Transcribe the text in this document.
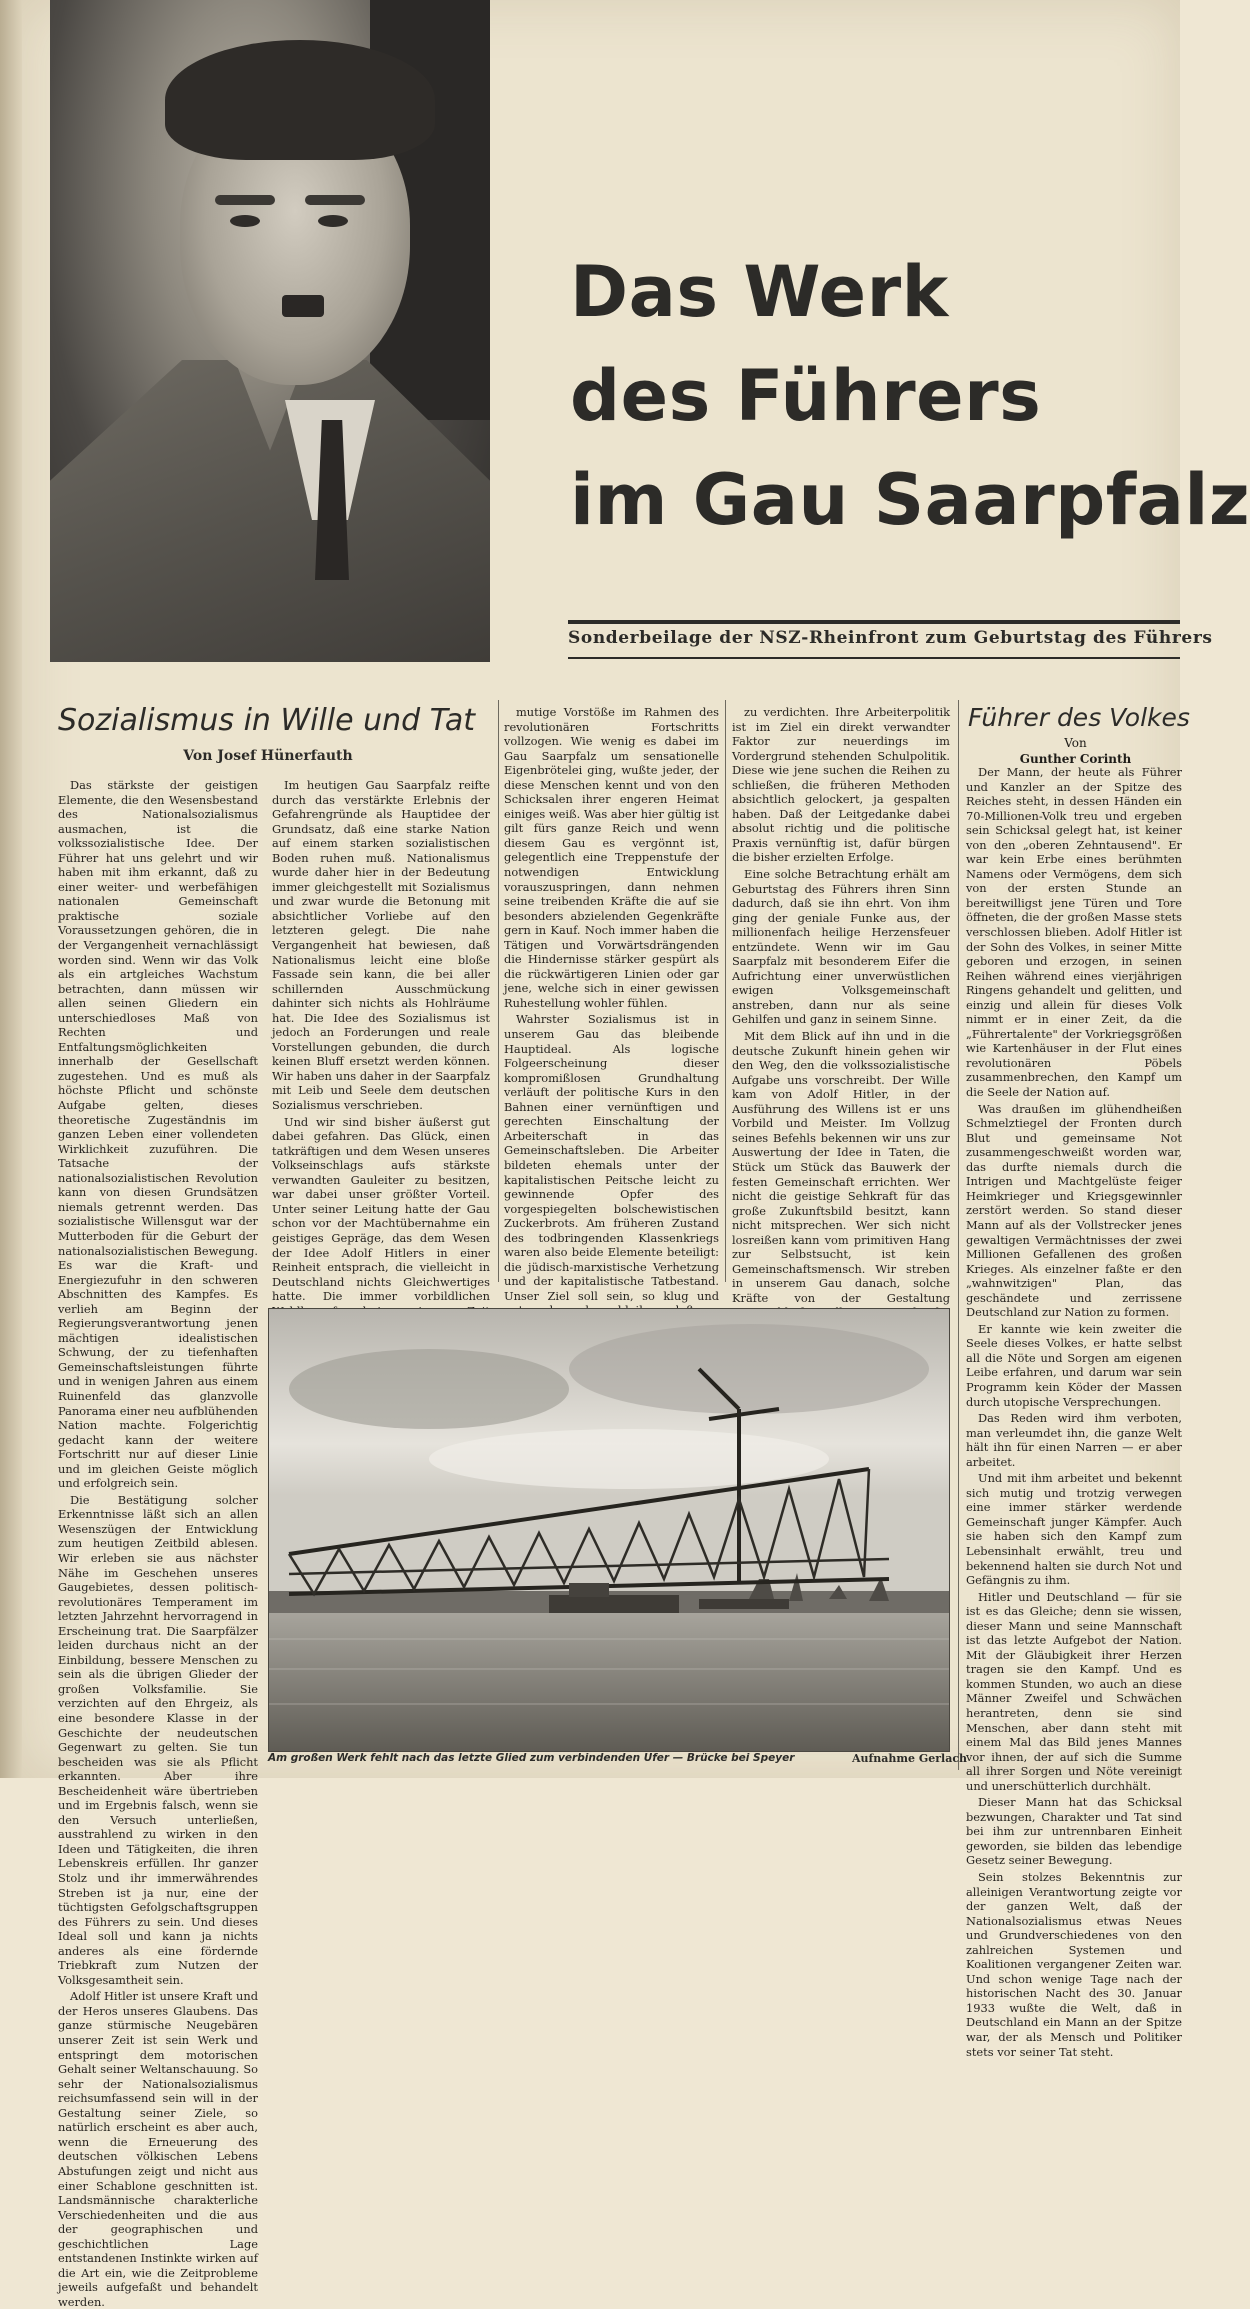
Das Werk
des Führers
im Gau Saarpfalz
Sonderbeilage der NSZ-Rheinfront zum Geburtstag des Führers
Sozialismus in Wille und Tat
Von Josef Hünerfauth

Das stärkste der geistigen Elemente, die den Wesensbestand des Nationalsozialismus ausmachen, ist die volkssozialistische Idee. Der Führer hat uns gelehrt und wir haben mit ihm erkannt, daß zu einer weiter- und werbefähigen nationalen Gemeinschaft praktische soziale Voraussetzungen gehören, die in der Vergangenheit vernachlässigt worden sind. Wenn wir das Volk als ein artgleiches Wachstum betrachten, dann müssen wir allen seinen Gliedern ein unterschiedloses Maß von Rechten und Entfaltungsmöglichkeiten innerhalb der Gesellschaft zugestehen. Und es muß als höchste Pflicht und schönste Aufgabe gelten, dieses theoretische Zugeständnis im ganzen Leben einer vollendeten Wirklichkeit zuzuführen. Die Tatsache der nationalsozialistischen Revolution kann von diesen Grundsätzen niemals getrennt werden. Das sozialistische Willensgut war der Mutterboden für die Geburt der nationalsozialistischen Bewegung. Es war die Kraft- und Energiezufuhr in den schweren Abschnitten des Kampfes. Es verlieh am Beginn der Regierungsverantwortung jenen mächtigen idealistischen Schwung, der zu tiefenhaften Gemeinschaftsleistungen führte und in wenigen Jahren aus einem Ruinenfeld das glanzvolle Panorama einer neu aufblühenden Nation machte. Folgerichtig gedacht kann der weitere Fortschritt nur auf dieser Linie und im gleichen Geiste möglich und erfolgreich sein.

Die Bestätigung solcher Erkenntnisse läßt sich an allen Wesenszügen der Entwicklung zum heutigen Zeitbild ablesen. Wir erleben sie aus nächster Nähe im Geschehen unseres Gaugebietes, dessen politisch-revolutionäres Temperament im letzten Jahrzehnt hervorragend in Erscheinung trat. Die Saarpfälzer leiden durchaus nicht an der Einbildung, bessere Menschen zu sein als die übrigen Glieder der großen Volksfamilie. Sie verzichten auf den Ehrgeiz, als eine besondere Klasse in der Geschichte der neudeutschen Gegenwart zu gelten. Sie tun bescheiden was sie als Pflicht erkannten. Aber ihre Bescheidenheit wäre übertrieben und im Ergebnis falsch, wenn sie den Versuch unterließen, ausstrahlend zu wirken in den Ideen und Tätigkeiten, die ihren Lebenskreis erfüllen. Ihr ganzer Stolz und ihr immerwährendes Streben ist ja nur, eine der tüchtigsten Gefolgschaftsgruppen des Führers zu sein. Und dieses Ideal soll und kann ja nichts anderes als eine fördernde Triebkraft zum Nutzen der Volksgesamtheit sein.

Adolf Hitler ist unsere Kraft und der Heros unseres Glaubens. Das ganze stürmische Neugebären unserer Zeit ist sein Werk und entspringt dem motorischen Gehalt seiner Weltanschauung. So sehr der Nationalsozialismus reichsumfassend sein will in der Gestaltung seiner Ziele, so natürlich erscheint es aber auch, wenn die Erneuerung des deutschen völkischen Lebens Abstufungen zeigt und nicht aus einer Schablone geschnitten ist. Landsmännische charakterliche Verschiedenheiten und die aus der geographischen und geschichtlichen Lage entstandenen Instinkte wirken auf die Art ein, wie die Zeitprobleme jeweils aufgefaßt und behandelt werden.

Im heutigen Gau Saarpfalz reifte durch das verstärkte Erlebnis der Gefahrengründe als Hauptidee der Grundsatz, daß eine starke Nation auf einem starken sozialistischen Boden ruhen muß. Nationalismus wurde daher hier in der Bedeutung immer gleichgestellt mit Sozialismus und zwar wurde die Betonung mit absichtlicher Vorliebe auf den letzteren gelegt. Die nahe Vergangenheit hat bewiesen, daß Nationalismus leicht eine bloße Fassade sein kann, die bei aller schillernden Ausschmückung dahinter sich nichts als Hohlräume hat. Die Idee des Sozialismus ist jedoch an Forderungen und reale Vorstellungen gebunden, die durch keinen Bluff ersetzt werden können. Wir haben uns daher in der Saarpfalz mit Leib und Seele dem deutschen Sozialismus verschrieben.

Und wir sind bisher äußerst gut dabei gefahren. Das Glück, einen tatkräftigen und dem Wesen unseres Volkseinschlags aufs stärkste verwandten Gauleiter zu besitzen, war dabei unser größter Vorteil. Unter seiner Leitung hatte der Gau schon vor der Machtübernahme ein geistiges Gepräge, das dem Wesen der Idee Adolf Hitlers in einer Reinheit entsprach, die vielleicht in Deutschland nichts Gleichwertiges hatte. Die immer vorbildlichen

mutige Vorstöße im Rahmen des revolutionären Fortschritts vollzogen. Wie wenig es dabei im Gau Saarpfalz um sensationelle Eigenbrötelei ging, wußte jeder, der diese Menschen kennt und von den Schicksalen ihrer engeren Heimat einiges weiß. Was aber hier gültig ist gilt fürs ganze Reich und wenn diesem Gau es vergönnt ist, gelegentlich eine Treppenstufe der notwendigen Entwicklung vorauszuspringen, dann nehmen seine treibenden Kräfte die auf sie besonders abzielenden Gegenkräfte gern in Kauf. Noch immer haben die Tätigen und Vorwärtsdrängenden die Hindernisse stärker gespürt als die rückwärtigeren Linien oder gar jene, welche sich in einer gewissen Ruhestellung wohler fühlen.

Wahrster Sozialismus ist in unserem Gau das bleibende Hauptideal. Als logische Folgeerscheinung dieser kompromißlosen Grundhaltung verläuft der politische Kurs in den Bahnen einer vernünftigen und gerechten Einschaltung der Arbeiterschaft in das Gemeinschaftsleben. Die Arbeiter bildeten ehemals unter der kapitalistischen Peitsche leicht zu gewinnende Opfer des vorgespiegelten bolschewistischen Zuckerbrots. Am früheren Zustand des todbringenden Klassenkriegs waren also beide Elemente beteiligt: die jüdisch-marxistische Verhetzung und der kapitalistische Tatbestand. Unser Ziel soll sein, so klug und

zu verdichten. Ihre Arbeiterpolitik ist im Ziel ein direkt verwandter Faktor zur neuerdings im Vordergrund stehenden Schulpolitik. Diese wie jene suchen die Reihen zu schließen, die früheren Methoden absichtlich gelockert, ja gespalten haben. Daß der Leitgedanke dabei absolut richtig und die politische Praxis vernünftig ist, dafür bürgen die bisher erzielten Erfolge.

Eine solche Betrachtung erhält am Geburtstag des Führers ihren Sinn dadurch, daß sie ihn ehrt. Von ihm ging der geniale Funke aus, der millionenfach heilige Herzensfeuer entzündete. Wenn wir im Gau Saarpfalz mit besonderem Eifer die Aufrichtung einer unverwüstlichen ewigen Volksgemeinschaft anstreben, dann nur als seine Gehilfen und ganz in seinem Sinne.

Mit dem Blick auf ihn und in die deutsche Zukunft hinein gehen wir den Weg, den die volkssozialistische Aufgabe uns vorschreibt. Der Wille kam von Adolf Hitler, in der Ausführung des Willens ist er uns Vorbild und Meister. Im Vollzug seines Befehls bekennen wir uns zur Auswertung der Idee in Taten, die Stück um Stück das Bauwerk der festen Gemeinschaft errichten. Wer nicht die geistige Sehkraft für das große Zukunftsbild besitzt, kann nicht mitsprechen. Wer sich nicht losreißen kann vom primitiven Hang zur Selbstsucht, ist kein Gemeinschaftsmensch. Wir streben in unserem Gau danach, solche Kräfte von der Gestaltung

Führer des Volkes
Von
Gunther Corinth

Der Mann, der heute als Führer und Kanzler an der Spitze des Reiches steht, in dessen Händen ein 70-Millionen-Volk treu und ergeben sein Schicksal gelegt hat, ist keiner von den „oberen Zehntausend". Er war kein Erbe eines berühmten Namens oder Vermögens, dem sich von der ersten Stunde an bereitwilligst jene Türen und Tore öffneten, die der großen Masse stets verschlossen blieben. Adolf Hitler ist der Sohn des Volkes, in seiner Mitte geboren und erzogen, in seinen Reihen während eines vierjährigen Ringens gehandelt und gelitten, und einzig und allein für dieses Volk nimmt er in einer Zeit, da die „Führertalente" der Vorkriegsgrößen wie Kartenhäuser in der Flut eines revolutionären Pöbels zusammenbrechen, den Kampf um die Seele der Nation auf.

Was draußen im glühendheißen Schmelztiegel der Fronten durch Blut und gemeinsame Not zusammengeschweißt worden war, das durfte niemals durch die Intrigen und Machtgelüste feiger Heimkrieger und Kriegsgewinnler zerstört werden. So stand dieser Mann auf als der Vollstrecker jenes gewaltigen Vermächtnisses der zwei Millionen Gefallenen des großen Krieges. Als einzelner faßte er den „wahnwitzigen" Plan, das geschändete und zerrissene Deutschland zur Nation zu formen.

Er kannte wie kein zweiter die Seele dieses Volkes, er hatte selbst all die Nöte und Sorgen am eigenen Leibe erfahren, und darum war sein Programm kein Köder der Massen durch utopische Versprechungen.

Das Reden wird ihm verboten, man verleumdet ihn, die ganze Welt hält ihn für einen Narren — er aber arbeitet.

Und mit ihm arbeitet und bekennt sich mutig und trotzig verwegen eine immer stärker werdende Gemeinschaft junger Kämpfer. Auch sie haben sich den Kampf zum Lebensinhalt erwählt, treu und bekennend halten sie durch Not und Gefängnis zu ihm.

Hitler und Deutschland — für sie ist es das Gleiche; denn sie wissen, dieser Mann und seine Mannschaft ist das letzte Aufgebot der Nation. Mit der Gläubigkeit ihrer Herzen tragen sie den Kampf. Und es kommen Stunden, wo auch an diese Männer Zweifel und Schwächen herantreten, denn sie sind Menschen, aber dann steht mit einem Mal das Bild jenes Mannes vor ihnen, der auf sich die Summe all ihrer Sorgen und Nöte vereinigt und unerschütterlich durchhält.

Dieser Mann hat das Schicksal bezwungen, Charakter und Tat sind bei ihm zur untrennbaren Einheit geworden, sie bilden das lebendige Gesetz seiner Bewegung.

Sein stolzes Bekenntnis zur alleinigen Verantwortung zeigte vor der ganzen Welt, daß der Nationalsozialismus etwas Neues und Grundverschiedenes von den zahlreichen Systemen und Koalitionen vergangener Zeiten war. Und schon wenige Tage nach der historischen Nacht des 30. Januar 1933 wußte die Welt, daß in Deutschland ein Mann an der Spitze war, der als Mensch und Politiker stets vor seiner Tat steht.

Am großen Werk fehlt nach das letzte Glied zum verbindenden Ufer — Brücke bei Speyer	Aufnahme Gerlach
